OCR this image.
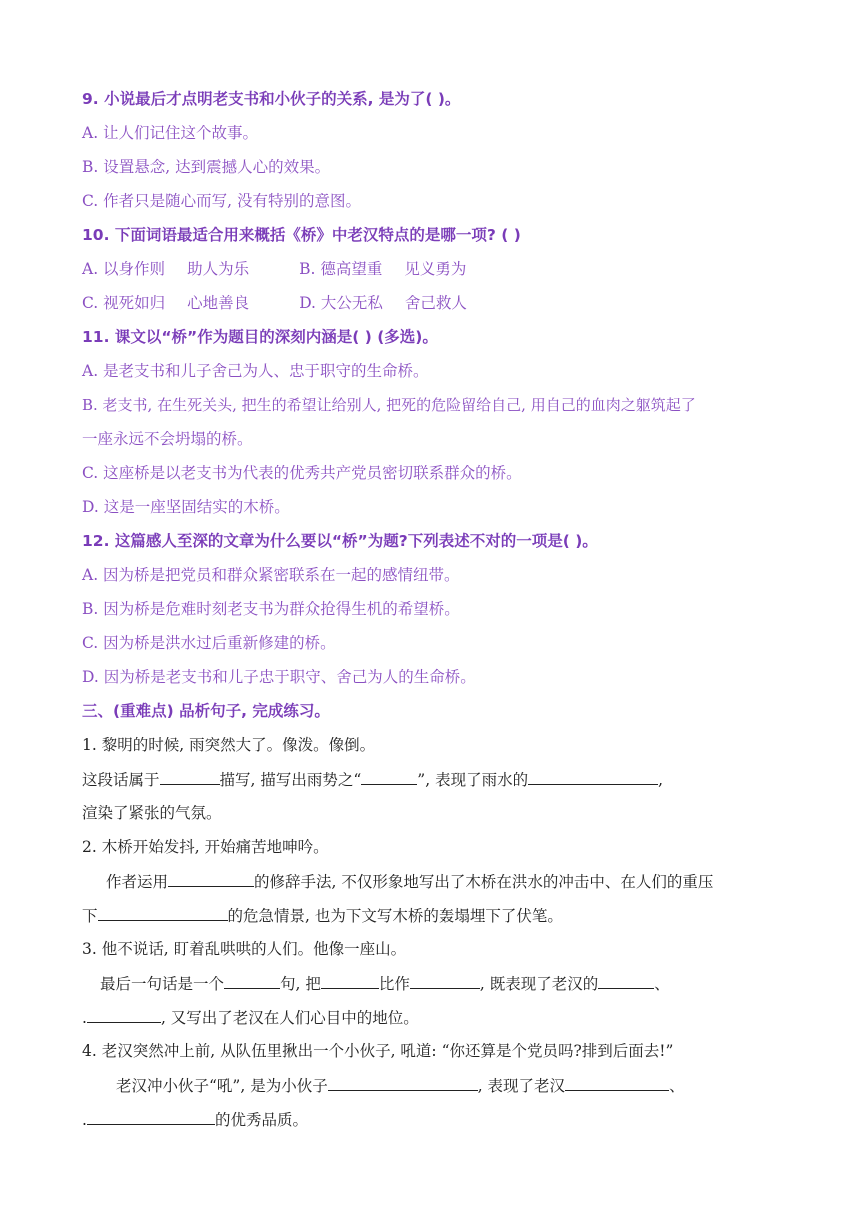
9. 小说最后才点明老支书和小伙子的关系, 是为了( )。
A. 让人们记住这个故事。
B. 设置悬念, 达到震撼人心的效果。
C. 作者只是随心而写, 没有特别的意图。
10. 下面词语最适合用来概括《桥》中老汉特点的是哪一项? ( )
A. 以身作则 助人为乐	B. 德高望重 见义勇为
C. 视死如归 心地善良	D. 大公无私 舍己救人
11. 课文以“桥”作为题目的深刻内涵是( ) (多选)。
A. 是老支书和儿子舍己为人、忠于职守的生命桥。
B. 老支书, 在生死关头, 把生的希望让给别人, 把死的危险留给自己, 用自己的血肉之躯筑起了
一座永远不会坍塌的桥。
C. 这座桥是以老支书为代表的优秀共产党员密切联系群众的桥。
D. 这是一座坚固结实的木桥。
12. 这篇感人至深的文章为什么要以“桥”为题?下列表述不对的一项是( )。
A. 因为桥是把党员和群众紧密联系在一起的感情纽带。
B. 因为桥是危难时刻老支书为群众抢得生机的希望桥。
C. 因为桥是洪水过后重新修建的桥。
D. 因为桥是老支书和儿子忠于职守、舍己为人的生命桥。
三、(重难点) 品析句子, 完成练习。
1. 黎明的时候, 雨突然大了。像泼。像倒。
这段话属于	描写, 描写出雨势之“	”, 表现了雨水的	,
渲染了紧张的气氛。
2. 木桥开始发抖, 开始痛苦地呻吟。
作者运用	的修辞手法, 不仅形象地写出了木桥在洪水的冲击中、在人们的重压
下	的危急情景, 也为下文写木桥的轰塌埋下了伏笔。
3. 他不说话, 盯着乱哄哄的人们。他像一座山。
最后一句话是一个	句, 把	比作	, 既表现了老汉的	、
.	, 又写出了老汉在人们心目中的地位。
4. 老汉突然冲上前, 从队伍里揪出一个小伙子, 吼道: “你还算是个党员吗?排到后面去!”
老汉冲小伙子“吼”, 是为小伙子	, 表现了老汉	、
.	的优秀品质。
